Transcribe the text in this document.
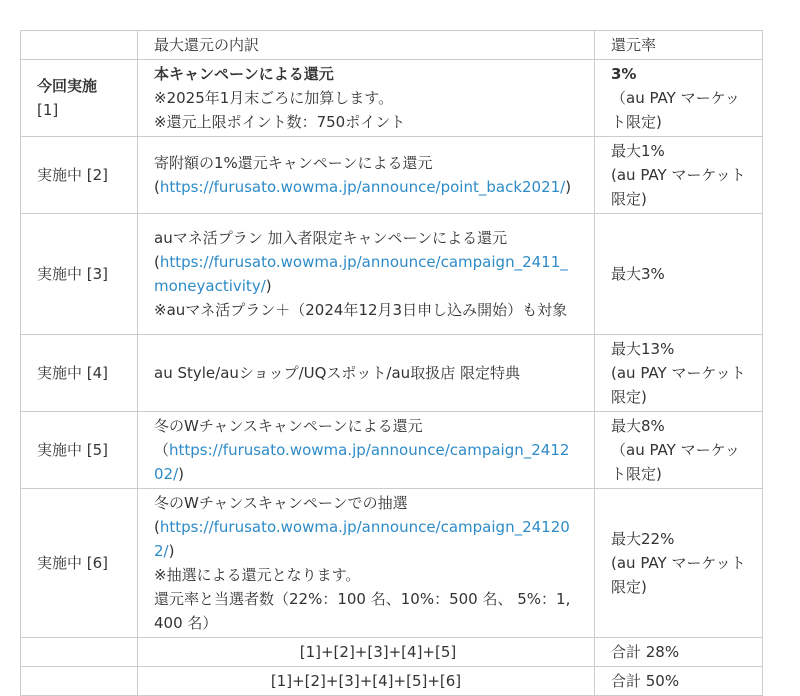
	最大還元の内訳	還元率
今回実施 [1]	本キャンペーンによる還元
※2025年1月末ごろに加算します。
※還元上限ポイント数：750ポイント	3%
（au PAY マーケット限定)
実施中 [2]	寄附額の1%還元キャンペーンによる還元
(https://furusato.wowma.jp/announce/point_back2021/)	最大1%
(au PAY マーケット限定)
実施中 [3]	auマネ活プラン 加入者限定キャンペーンによる還元
(https://furusato.wowma.jp/announce/campaign_2411_moneyactivity/)
※auマネ活プラン＋（2024年12月3日申し込み開始）も対象	最大3%

実施中 [4]	au Style/auショップ/UQスポット/au取扱店 限定特典	最大13%
(au PAY マーケット限定)
実施中 [5]	冬のWチャンスキャンペーンによる還元
（https://furusato.wowma.jp/announce/campaign_241202/)	最大8%
（au PAY マーケット限定)
実施中 [6]	冬のWチャンスキャンペーンでの抽選
(https://furusato.wowma.jp/announce/campaign_241202/)
※抽選による還元となります。
還元率と当選者数（22%：100 名、10%：500 名、 5%：1,400 名）	最大22%
(au PAY マーケット限定)
	[1]+[2]+[3]+[4]+[5]	合計 28%
	[1]+[2]+[3]+[4]+[5]+[6]	合計 50%
